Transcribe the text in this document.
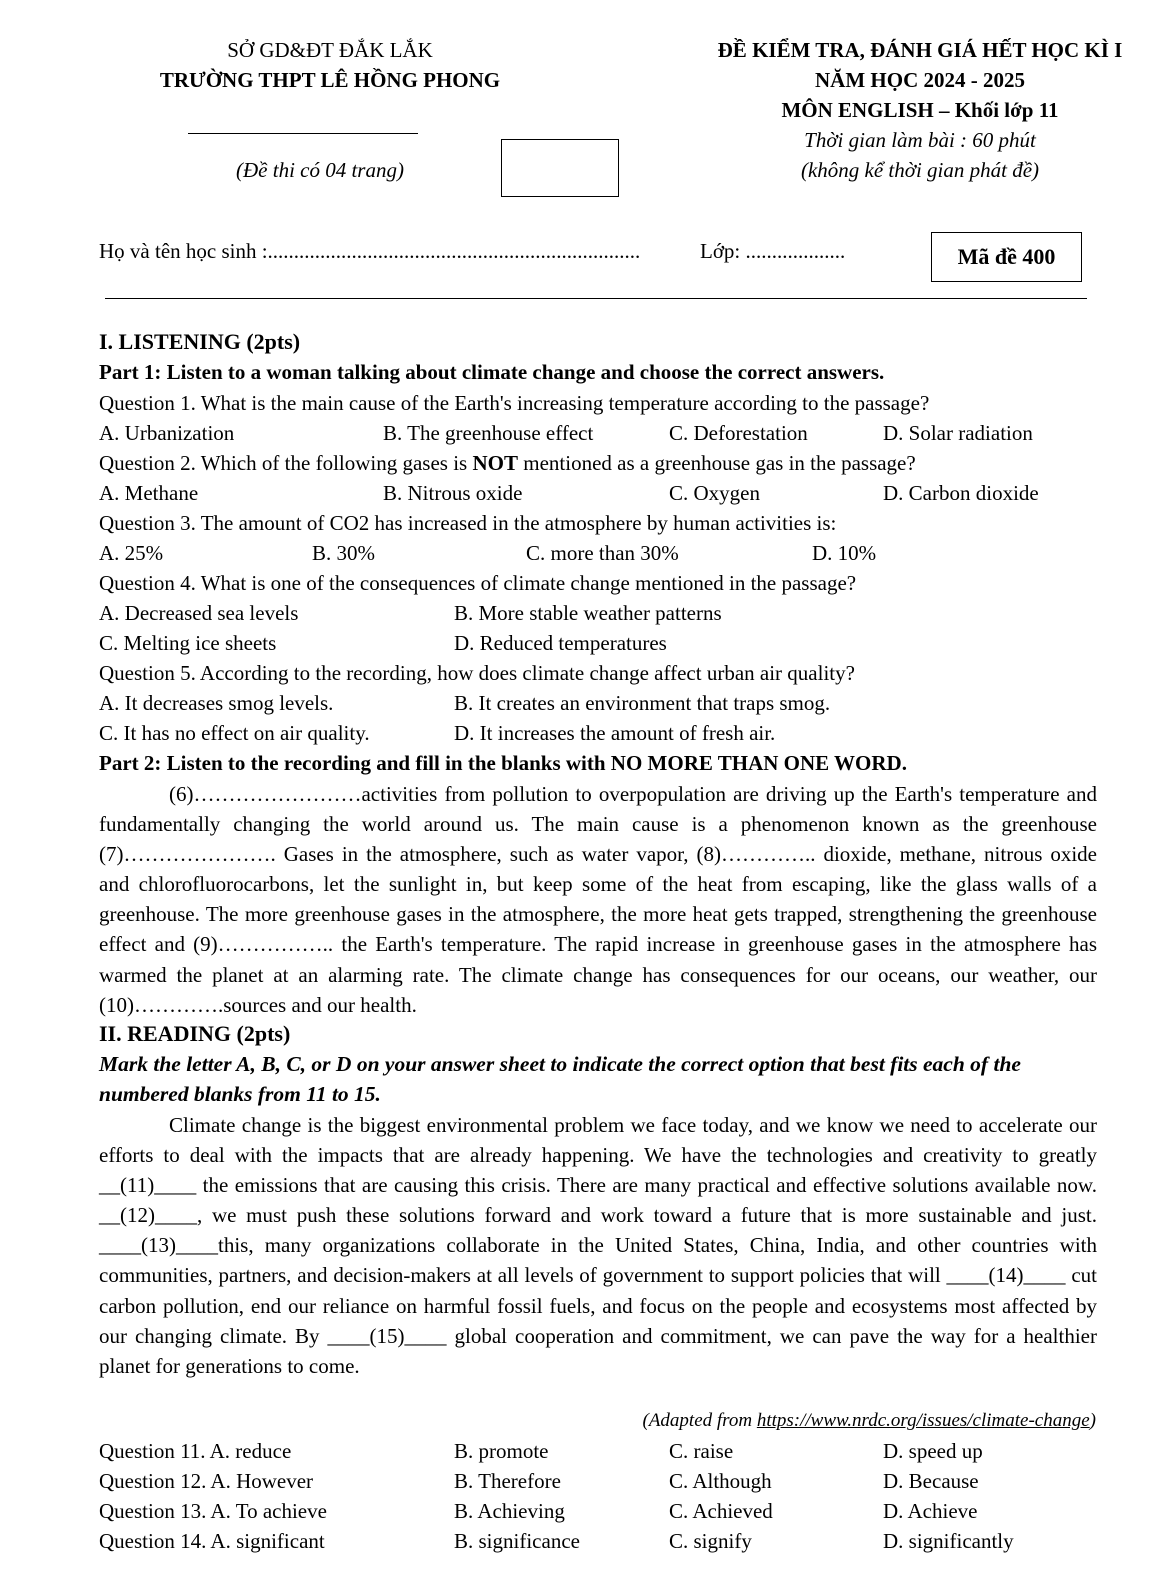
SỞ GD&ĐT ĐẮK LẮK
TRƯỜNG THPT LÊ HỒNG PHONG
(Đề thi có 04 trang)
ĐỀ KIỂM TRA, ĐÁNH GIÁ HẾT HỌC KÌ I
NĂM HỌC 2024 - 2025
MÔN ENGLISH – Khối lớp 11
Thời gian làm bài : 60 phút
(không kể thời gian phát đề)
Họ và tên học sinh :.......................................................................	Lớp: ...................	Mã đề 400
I. LISTENING (2pts)
Part 1: Listen to a woman talking about climate change and choose the correct answers.
Question 1. What is the main cause of the Earth's increasing temperature according to the passage?
A. Urbanization	B. The greenhouse effect	C. Deforestation	D. Solar radiation
Question 2. Which of the following gases is NOT mentioned as a greenhouse gas in the passage?
A. Methane	B. Nitrous oxide	C. Oxygen	D. Carbon dioxide
Question 3. The amount of CO2 has increased in the atmosphere by human activities is:
A. 25%	B. 30%	C. more than 30%	D. 10%
Question 4. What is one of the consequences of climate change mentioned in the passage?
A. Decreased sea levels	B. More stable weather patterns
C. Melting ice sheets	D. Reduced temperatures
Question 5. According to the recording, how does climate change affect urban air quality?
A. It decreases smog levels.	B. It creates an environment that traps smog.
C. It has no effect on air quality.	D. It increases the amount of fresh air.
Part 2: Listen to the recording and fill in the blanks with NO MORE THAN ONE WORD.
(6)……………………activities from pollution to overpopulation are driving up the Earth's temperature and fundamentally changing the world around us. The main cause is a phenomenon known as the greenhouse (7)…………………. Gases in the atmosphere, such as water vapor, (8)………….. dioxide, methane, nitrous oxide and chlorofluorocarbons, let the sunlight in, but keep some of the heat from escaping, like the glass walls of a greenhouse. The more greenhouse gases in the atmosphere, the more heat gets trapped, strengthening the greenhouse effect and (9)…………….. the Earth's temperature. The rapid increase in greenhouse gases in the atmosphere has warmed the planet at an alarming rate. The climate change has consequences for our oceans, our weather, our (10)………….sources and our health.
II. READING (2pts)
Mark the letter A, B, C, or D on your answer sheet to indicate the correct option that best fits each of the numbered blanks from 11 to 15.
Climate change is the biggest environmental problem we face today, and we know we need to accelerate our efforts to deal with the impacts that are already happening. We have the technologies and creativity to greatly __(11)____ the emissions that are causing this crisis. There are many practical and effective solutions available now. __(12)____, we must push these solutions forward and work toward a future that is more sustainable and just. ____(13)____this, many organizations collaborate in the United States, China, India, and other countries with communities, partners, and decision-makers at all levels of government to support policies that will ____(14)____ cut carbon pollution, end our reliance on harmful fossil fuels, and focus on the people and ecosystems most affected by our changing climate. By ____(15)____ global cooperation and commitment, we can pave the way for a healthier planet for generations to come.
(Adapted from https://www.nrdc.org/issues/climate-change)
Question 11. A. reduce	B. promote	C. raise	D. speed up
Question 12. A. However	B. Therefore	C. Although	D. Because
Question 13. A. To achieve	B. Achieving	C. Achieved	D. Achieve
Question 14. A. significant	B. significance	C. signify	D. significantly
